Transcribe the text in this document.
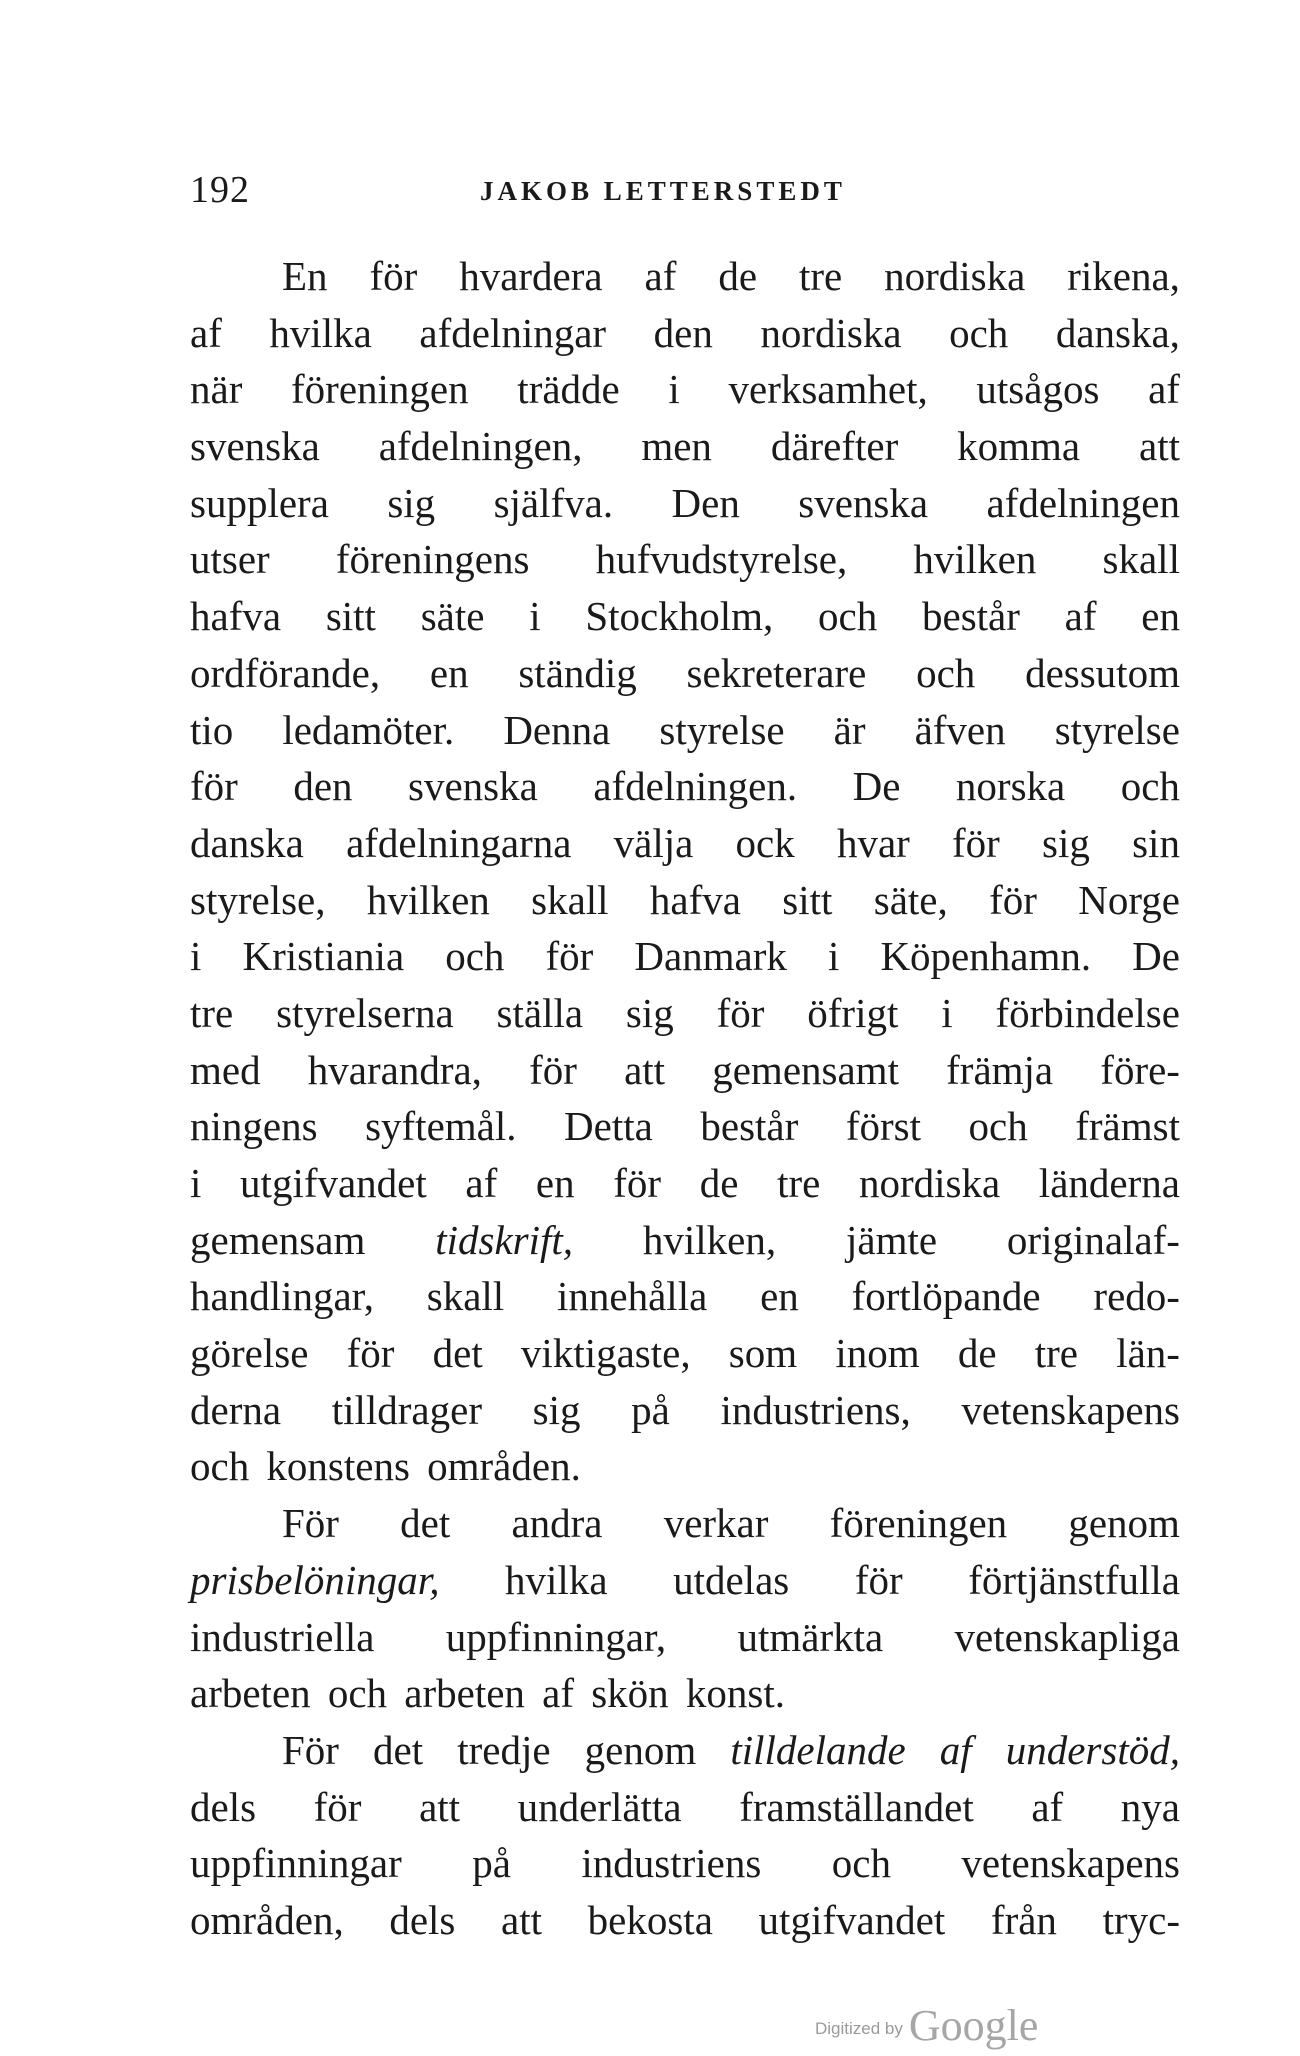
192	JAKOB LETTERSTEDT
En för hvardera af de tre nordiska rikena,
af hvilka afdelningar den nordiska och danska,
när föreningen trädde i verksamhet, utsågos af
svenska afdelningen, men därefter komma att
supplera sig själfva. Den svenska afdelningen
utser föreningens hufvudstyrelse, hvilken skall
hafva sitt säte i Stockholm, och består af en
ordförande, en ständig sekreterare och dessutom
tio ledamöter. Denna styrelse är äfven styrelse
för den svenska afdelningen. De norska och
danska afdelningarna välja ock hvar för sig sin
styrelse, hvilken skall hafva sitt säte, för Norge
i Kristiania och för Danmark i Köpenhamn. De
tre styrelserna ställa sig för öfrigt i förbindelse
med hvarandra, för att gemensamt främja före-
ningens syftemål. Detta består först och främst
i utgifvandet af en för de tre nordiska länderna
gemensam tidskrift, hvilken, jämte originalaf-
handlingar, skall innehålla en fortlöpande redo-
görelse för det viktigaste, som inom de tre län-
derna tilldrager sig på industriens, vetenskapens
och konstens områden.
För det andra verkar föreningen genom
prisbelöningar, hvilka utdelas för förtjänstfulla
industriella uppfinningar, utmärkta vetenskapliga
arbeten och arbeten af skön konst.
För det tredje genom tilldelande af understöd,
dels för att underlätta framställandet af nya
uppfinningar på industriens och vetenskapens
områden, dels att bekosta utgifvandet från tryc-
Digitized by Google
